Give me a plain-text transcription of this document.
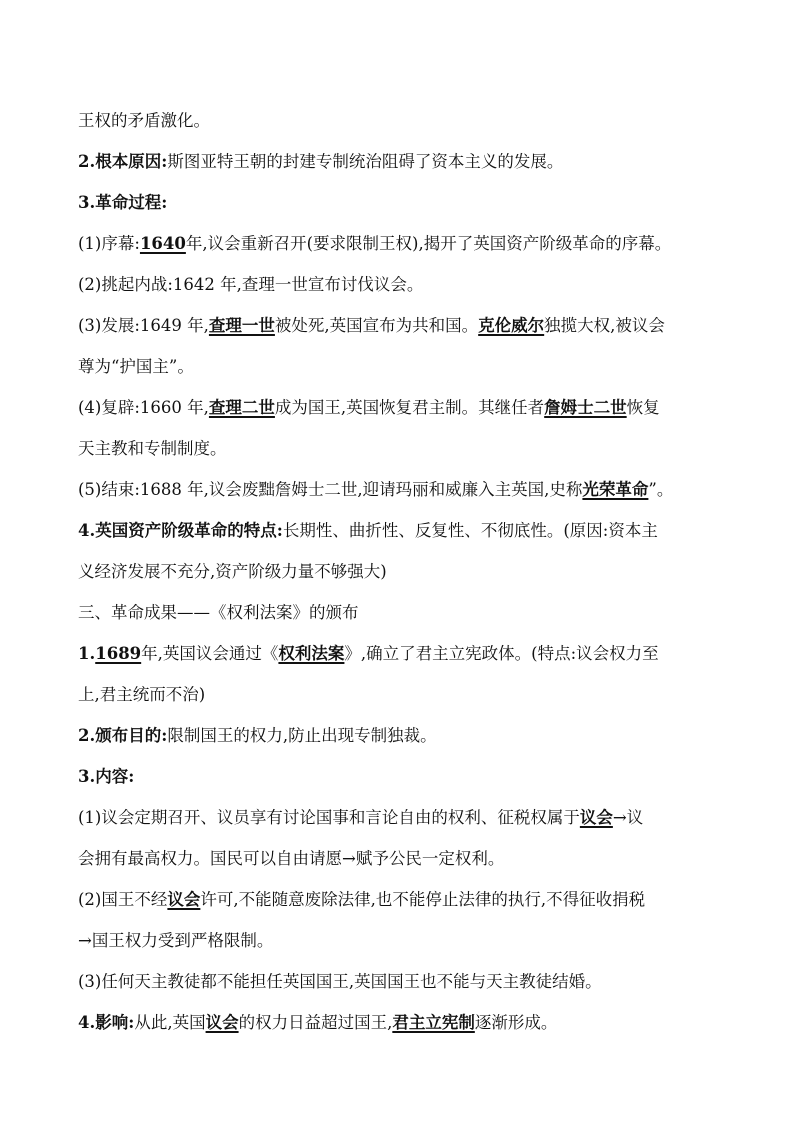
王权的矛盾激化。
2.根本原因:斯图亚特王朝的封建专制统治阻碍了资本主义的发展。
3.革命过程:
(1)序幕:1640年,议会重新召开(要求限制王权),揭开了英国资产阶级革命的序幕。
(2)挑起内战:1642 年,查理一世宣布讨伐议会。
(3)发展:1649 年,查理一世被处死,英国宣布为共和国。克伦威尔独揽大权,被议会
尊为“护国主”。
(4)复辟:1660 年,查理二世成为国王,英国恢复君主制。其继任者詹姆士二世恢复
天主教和专制制度。
(5)结束:1688 年,议会废黜詹姆士二世,迎请玛丽和威廉入主英国,史称光荣革命”。
4.英国资产阶级革命的特点:长期性、曲折性、反复性、不彻底性。(原因:资本主
义经济发展不充分,资产阶级力量不够强大)
三、革命成果——《权利法案》的颁布
1.1689年,英国议会通过《权利法案》,确立了君主立宪政体。(特点:议会权力至
上,君主统而不治)
2.颁布目的:限制国王的权力,防止出现专制独裁。
3.内容:
(1)议会定期召开、议员享有讨论国事和言论自由的权利、征税权属于议会→议
会拥有最高权力。国民可以自由请愿→赋予公民一定权利。
(2)国王不经议会许可,不能随意废除法律,也不能停止法律的执行,不得征收捐税
→国王权力受到严格限制。
(3)任何天主教徒都不能担任英国国王,英国国王也不能与天主教徒结婚。
4.影响:从此,英国议会的权力日益超过国王,君主立宪制逐渐形成。
